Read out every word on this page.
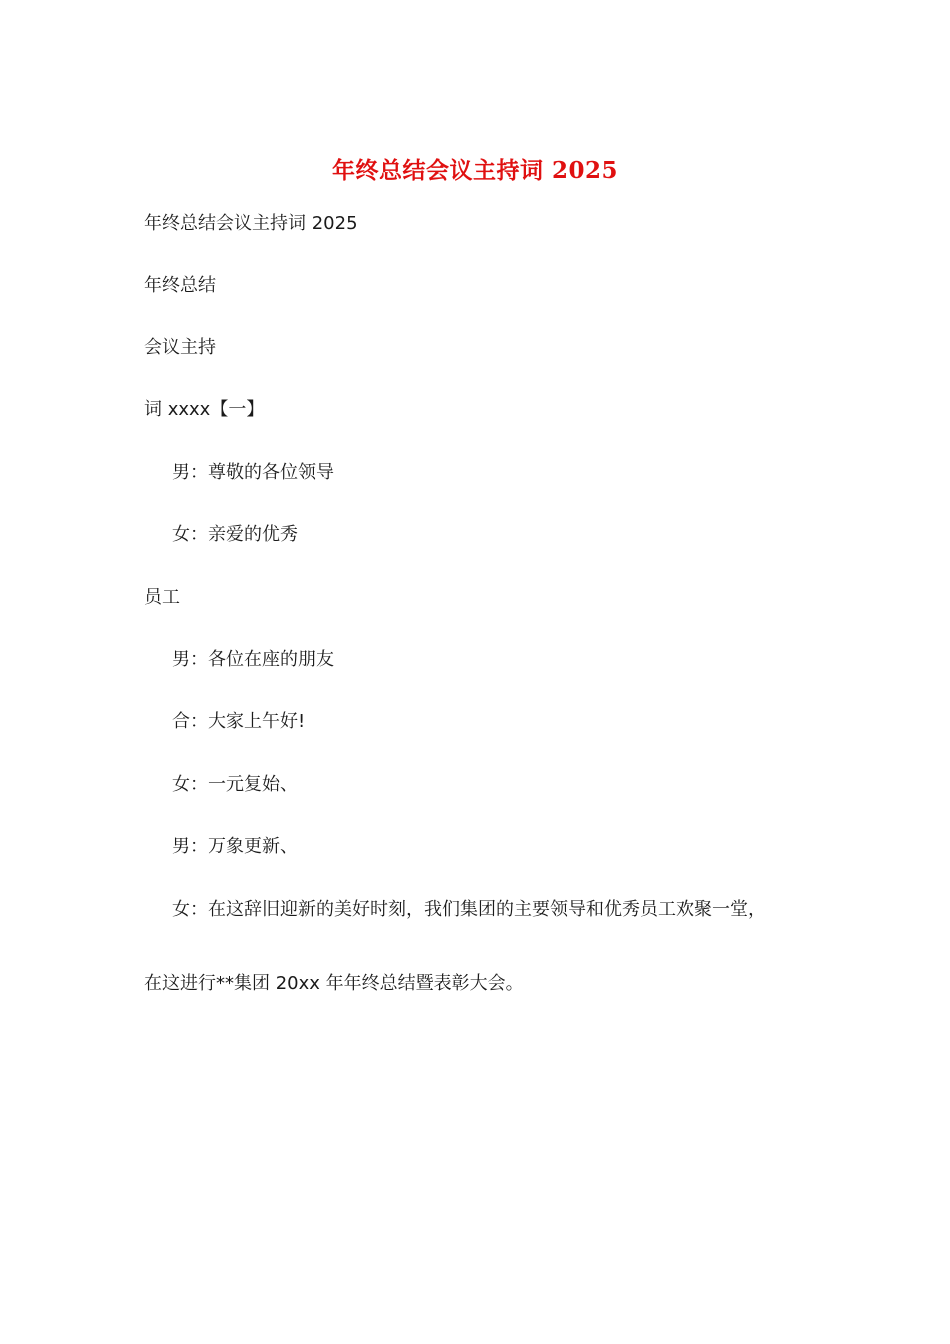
年终总结会议主持词 2025
年终总结会议主持词 2025
年终总结
会议主持
词 xxxx【一】
男：尊敬的各位领导
女：亲爱的优秀
员工
男：各位在座的朋友
合：大家上午好!
女：一元复始、
男：万象更新、
女：在这辞旧迎新的美好时刻，我们集团的主要领导和优秀员工欢聚一堂，
在这进行**集团 20xx 年年终总结暨表彰大会。
